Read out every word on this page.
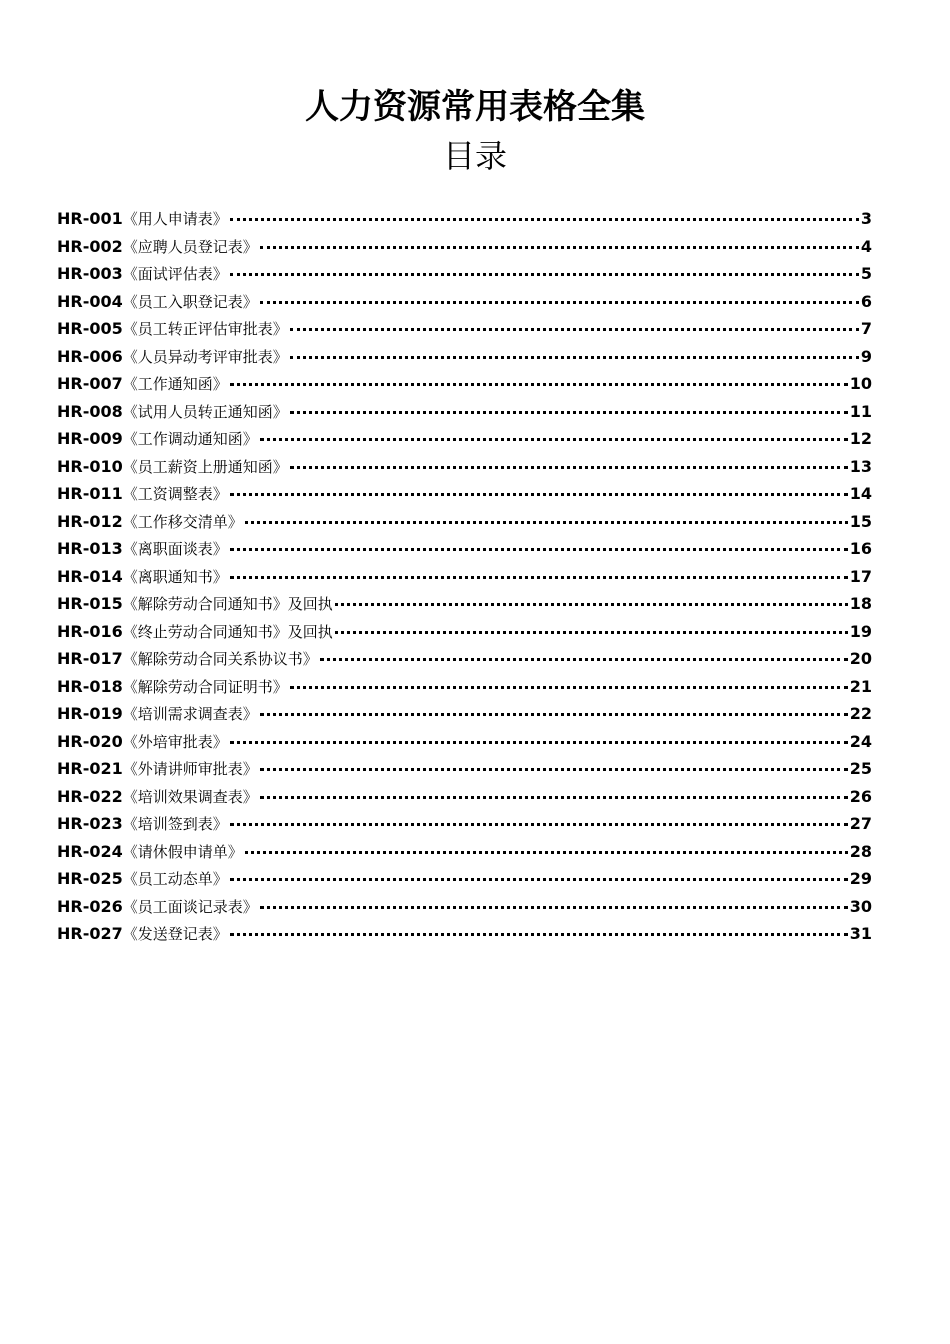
人力资源常用表格全集
目录
HR-001 《用人申请表》	3
HR-002 《应聘人员登记表》	4
HR-003 《面试评估表》	5
HR-004 《员工入职登记表》	6
HR-005 《员工转正评估审批表》	7
HR-006 《人员异动考评审批表》	9
HR-007 《工作通知函》	10
HR-008 《试用人员转正通知函》	11
HR-009 《工作调动通知函》	12
HR-010 《员工薪资上册通知函》	13
HR-011 《工资调整表》	14
HR-012 《工作移交清单》	15
HR-013 《离职面谈表》	16
HR-014 《离职通知书》	17
HR-015 《解除劳动合同通知书》及回执	18
HR-016 《终止劳动合同通知书》及回执	19
HR-017 《解除劳动合同关系协议书》	20
HR-018 《解除劳动合同证明书》	21
HR-019 《培训需求调查表》	22
HR-020 《外培审批表》	24
HR-021 《外请讲师审批表》	25
HR-022 《培训效果调查表》	26
HR-023 《培训签到表》	27
HR-024 《请休假申请单》	28
HR-025 《员工动态单》	29
HR-026 《员工面谈记录表》	30
HR-027 《发送登记表》	31
